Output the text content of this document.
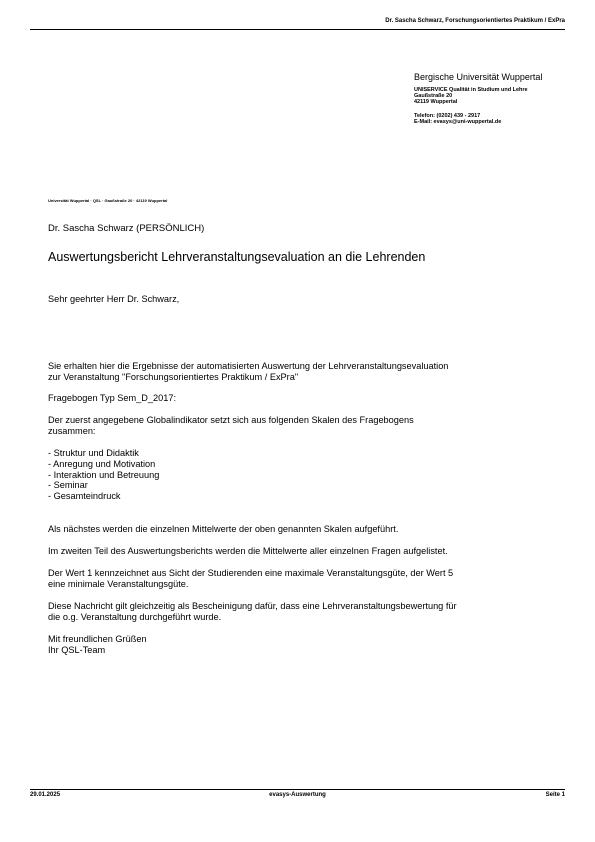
Dr. Sascha Schwarz, Forschungsorientiertes Praktikum / ExPra
Bergische Universität Wuppertal
UNISERVICE Qualität in Studium und Lehre
Gaußstraße 20
42119 Wuppertal
Telefon: (0202) 439 - 2917
E-Mail: evasys@uni-wuppertal.de
Universität Wuppertal · QSL · Gaußstraße 20 · 42119 Wuppertal
Dr. Sascha Schwarz (PERSÖNLICH)
Auswertungsbericht Lehrveranstaltungsevaluation an die Lehrenden
Sehr geehrter Herr Dr. Schwarz,
Sie erhalten hier die Ergebnisse der automatisierten Auswertung der Lehrveranstaltungsevaluation
zur Veranstaltung "Forschungsorientiertes Praktikum / ExPra"
Fragebogen Typ Sem_D_2017:
Der zuerst angegebene Globalindikator setzt sich aus folgenden Skalen des Fragebogens
zusammen:
- Struktur und Didaktik
- Anregung und Motivation
- Interaktion und Betreuung
- Seminar
- Gesamteindruck
Als nächstes werden die einzelnen Mittelwerte der oben genannten Skalen aufgeführt.
Im zweiten Teil des Auswertungsberichts werden die Mittelwerte aller einzelnen Fragen aufgelistet.
Der Wert 1 kennzeichnet aus Sicht der Studierenden eine maximale Veranstaltungsgüte, der Wert 5
eine minimale Veranstaltungsgüte.
Diese Nachricht gilt gleichzeitig als Bescheinigung dafür, dass eine Lehrveranstaltungsbewertung für
die o.g. Veranstaltung durchgeführt wurde.
Mit freundlichen Grüßen
Ihr QSL-Team
29.01.2025	evasys-Auswertung	Seite 1
